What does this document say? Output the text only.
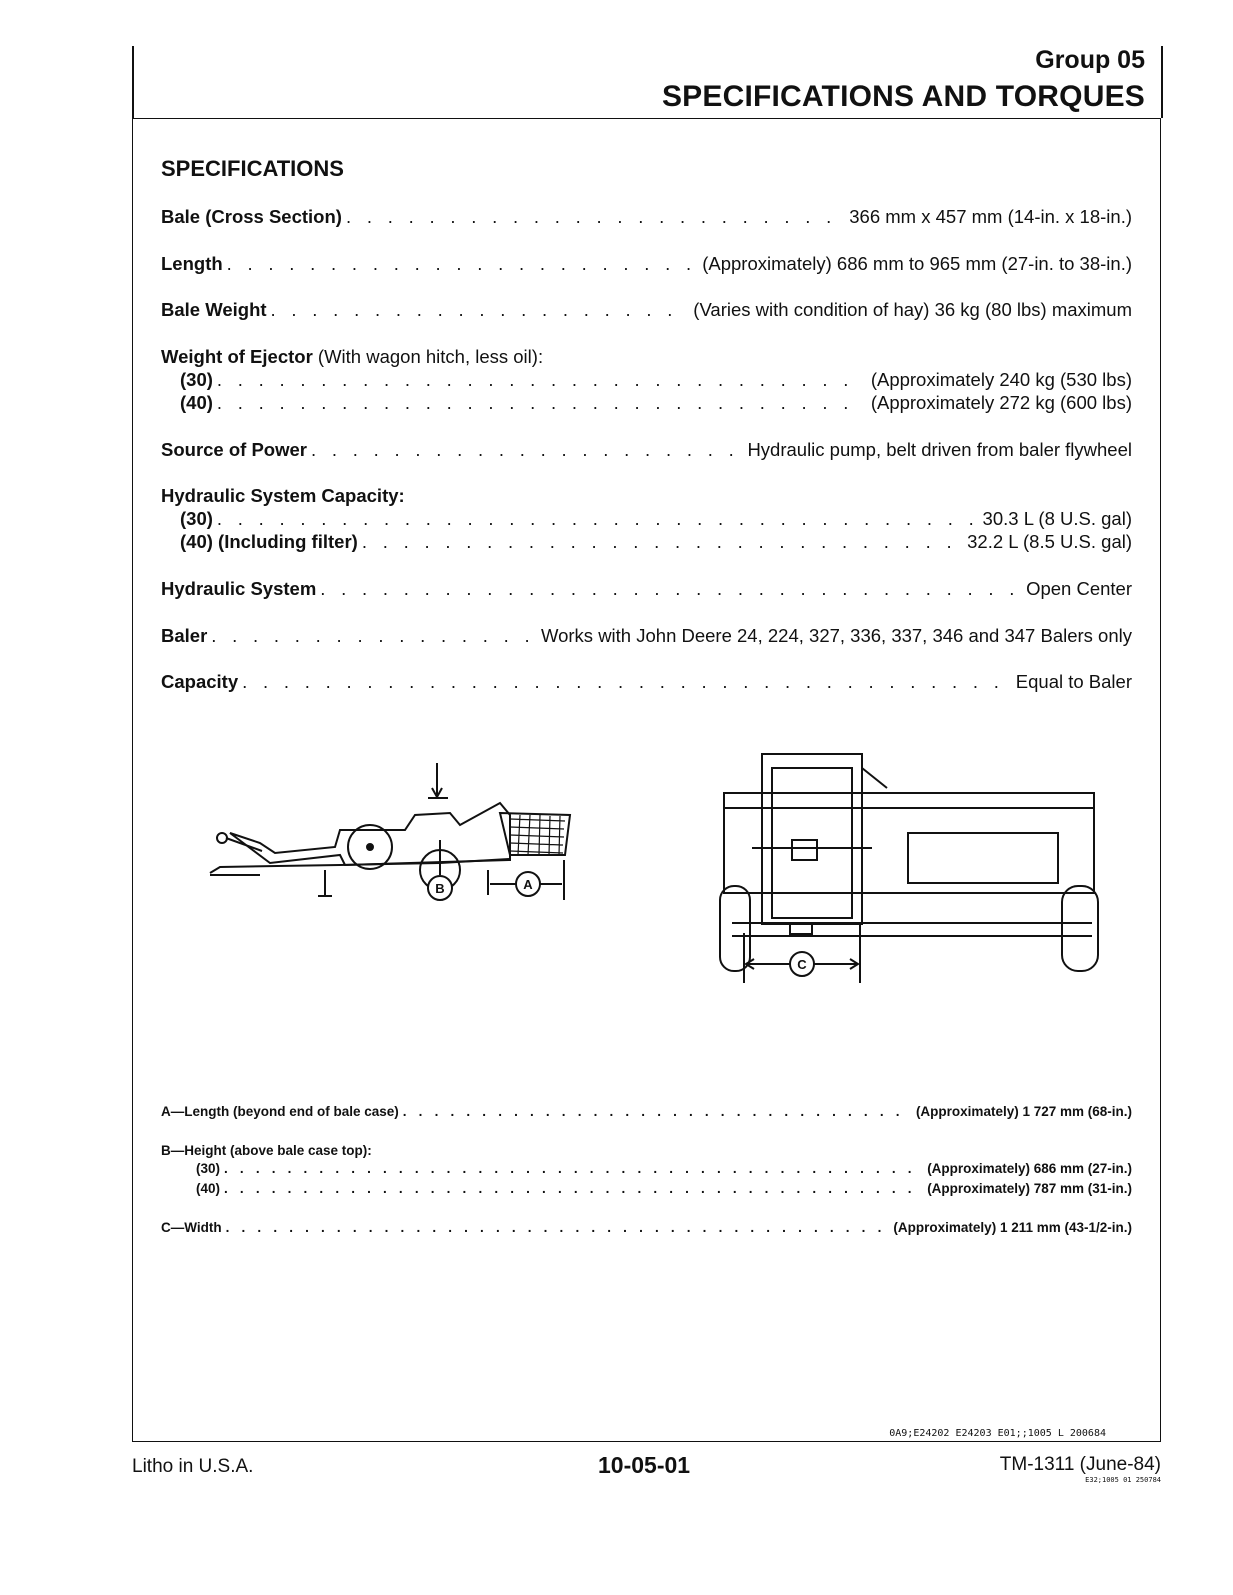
Group 05
SPECIFICATIONS AND TORQUES
SPECIFICATIONS
Bale (Cross Section) . . .	366 mm x 457 mm (14-in. x 18-in.)
Length . . .	(Approximately) 686 mm to 965 mm (27-in. to 38-in.)
Bale Weight . . .	(Varies with condition of hay) 36 kg (80 lbs) maximum
Weight of Ejector (With wagon hitch, less oil):
(30) . . .	(Approximately 240 kg (530 lbs)
(40) . . .	(Approximately 272 kg (600 lbs)
Source of Power . . .	Hydraulic pump, belt driven from baler flywheel
Hydraulic System Capacity:
(30) . . .	30.3 L (8 U.S. gal)
(40) (Including filter) . . .	32.2 L (8.5 U.S. gal)
Hydraulic System . . .	Open Center
Baler . . .	Works with John Deere 24, 224, 327, 336, 337, 346 and 347 Balers only
Capacity . . .	Equal to Baler
B	A
C
A—Length (beyond end of bale case) . . .	(Approximately) 1 727 mm (68-in.)
B—Height (above bale case top):
(30) . . .	(Approximately) 686 mm (27-in.)
(40) . . .	(Approximately) 787 mm (31-in.)
C—Width . . .	(Approximately) 1 211 mm (43-1/2-in.)
0A9;E24202 E24203 E01;;1005 L 200684
Litho in U.S.A.	10-05-01	TM-1311 (June-84)
E32;1005 01 250784
